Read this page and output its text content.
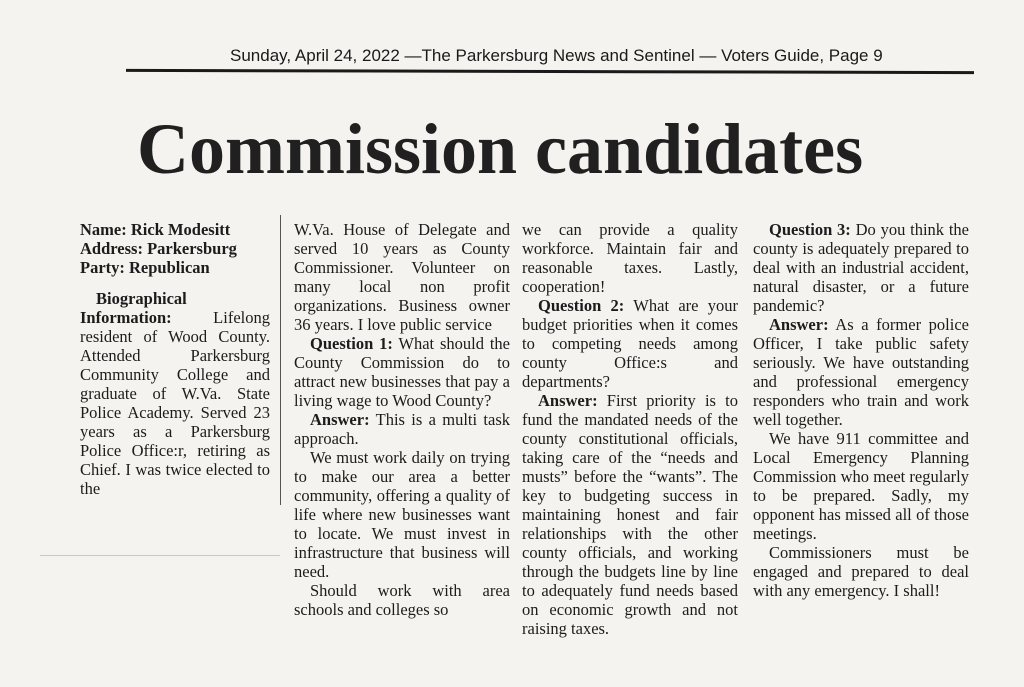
Sunday, April 24, 2022 —The Parkersburg News and Sentinel — Voters Guide, Page 9
Commission candidates

Name: Rick Modesitt

Address: Parkersburg

Party: Republican

Biographical Information:	Lifelong resident of Wood County. Attended Parkersburg Community College and graduate of W.Va. State Police Academy. Served 23 years as a Parkersburg Police Office:r, retiring as Chief. I was twice elected to the

W.Va. House of Delegate and served 10 years as County Commissioner. Volunteer on many local non profit organizations. Business owner 36 years. I love public service

Question 1: What should the County Commission do to attract new businesses that pay a living wage to Wood County?

Answer: This is a multi task approach.

We must work daily on trying to make our area a better community, offering a quality of life where new businesses want to locate. We must invest in infrastructure that business will need.

Should work with area schools and colleges so

we can provide a quality workforce. Maintain fair and reasonable taxes. Lastly, cooperation!

Question 2: What are your budget priorities when it comes to competing needs among county Office:s and departments?

Answer: First priority is to fund the mandated needs of the county constitutional officials, taking care of the “needs and musts” before the “wants”. The key to budgeting success in maintaining honest and fair relationships with the other county officials, and working through the budgets line by line to adequately fund needs based on economic growth and not raising taxes.

Question 3: Do you think the county is adequately prepared to deal with an industrial accident, natural disaster, or a future pandemic?

Answer: As a former police Officer, I take public safety seriously. We have outstanding and professional emergency responders who train and work well together.

We have 911 committee and Local Emergency Planning Commission who meet regularly to be prepared. Sadly, my opponent has missed all of those meetings.

Commissioners must be engaged and prepared to deal with any emergency. I shall!
